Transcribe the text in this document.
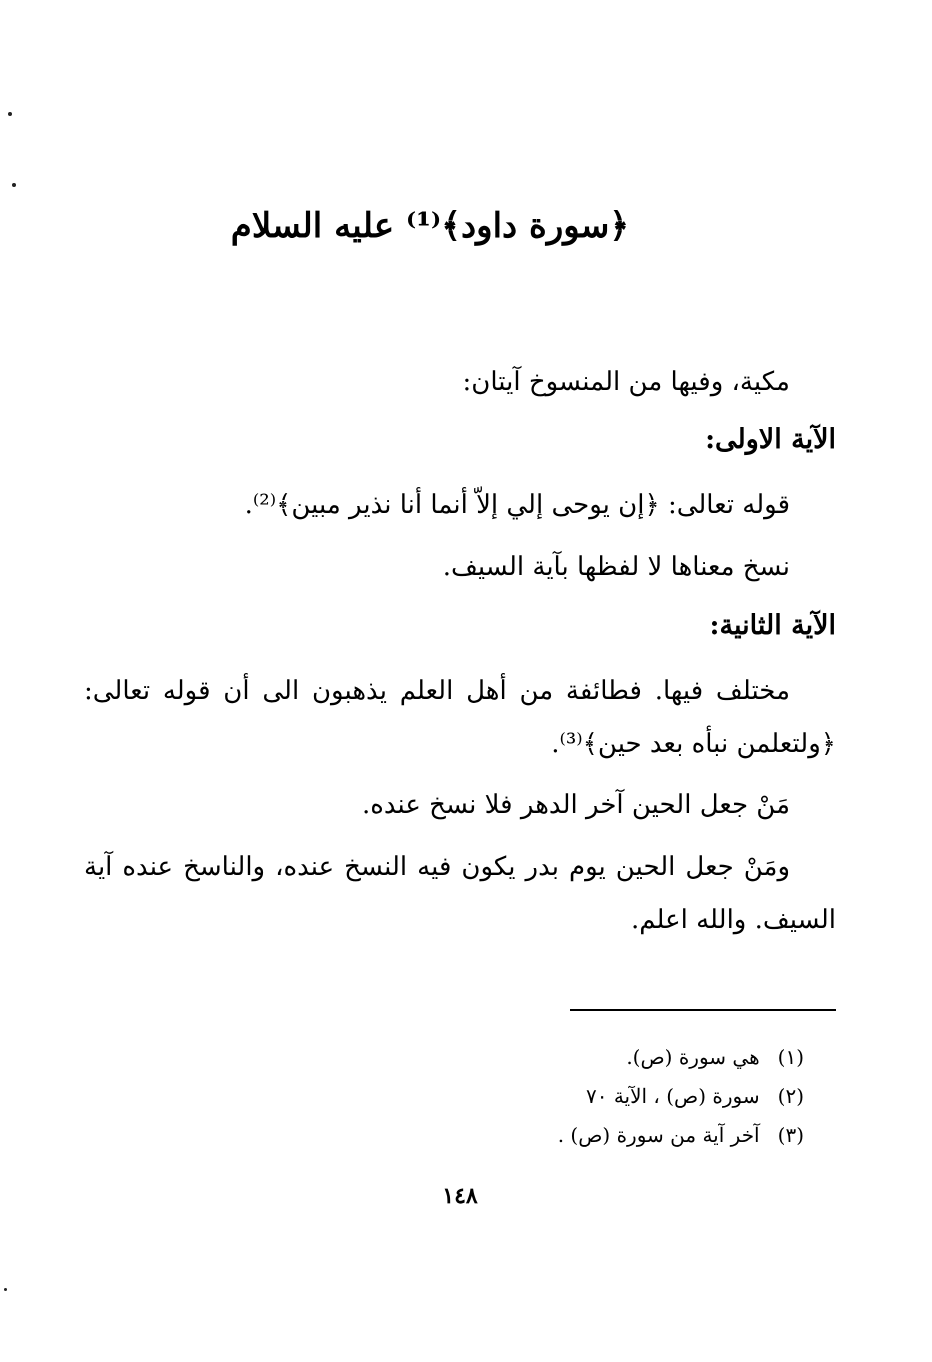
﴿سورة داود﴾⁽¹⁾ عليه السلام
مكية، وفيها من المنسوخ آيتان:
الآية الاولى:
قوله تعالى: ﴿إن يوحى إلي إلاّ أنما أنا نذير مبين﴾⁽²⁾.
نسخ معناها لا لفظها بآية السيف.
الآية الثانية:
مختلف فيها. فطائفة من أهل العلم يذهبون الى أن قوله تعالى:
﴿ولتعلمن نبأه بعد حين﴾⁽³⁾.
مَنْ جعل الحين آخر الدهر فلا نسخ عنده.
ومَنْ جعل الحين يوم بدر يكون فيه النسخ عنده، والناسخ عنده آية
السيف. والله اعلم.
(١)هي سورة (ص).
(٢)سورة (ص) ، الآية ٧٠
(٣)آخر آية من سورة (ص) .
١٤٨
